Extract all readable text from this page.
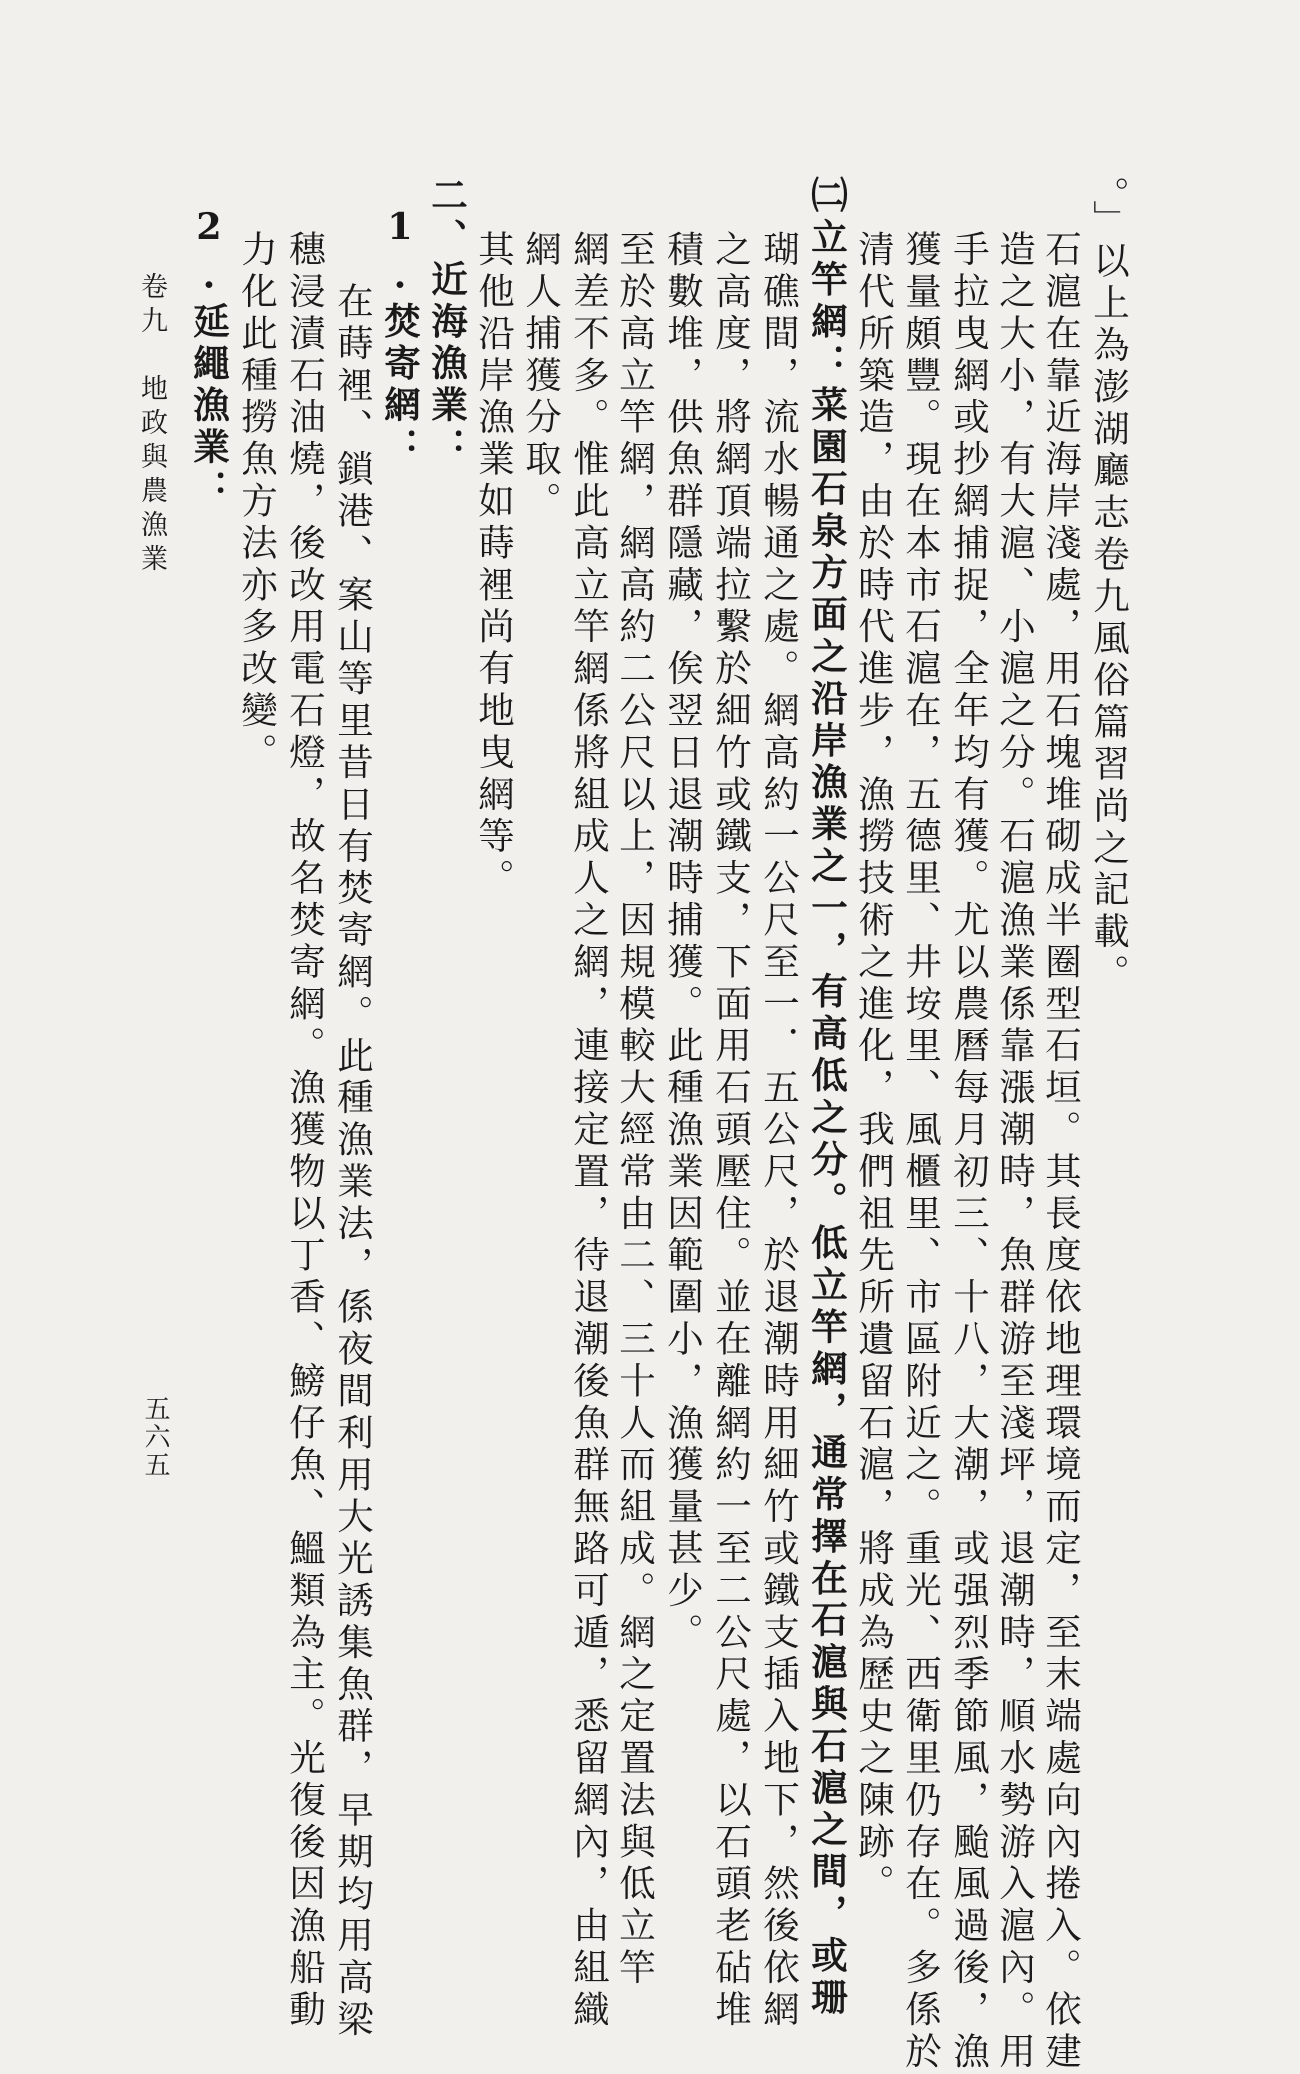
。」以上為澎湖廳志卷九風俗篇習尚之記載。
石滬在靠近海岸淺處，用石塊堆砌成半圈型石垣。其長度依地理環境而定，至末端處向內捲入。依建
造之大小，有大滬、小滬之分。石滬漁業係靠漲潮時，魚群游至淺坪，退潮時，順水勢游入滬內。用
手拉曳網或抄網捕捉，全年均有獲。尤以農曆每月初三、十八，大潮，或强烈季節風，颱風過後，漁
獲量頗豐。現在本市石滬在，五德里、井垵里、風櫃里、市區附近之。重光、西衛里仍存在。多係於
清代所築造，由於時代進步，漁撈技術之進化，我們祖先所遺留石滬，將成為歷史之陳跡。
㈡立竿網：菜園石泉方面之沿岸漁業之一，有高低之分。低立竿網，通常擇在石滬與石滬之間，或珊
瑚礁間，流水暢通之處。網高約一公尺至一．五公尺，於退潮時用細竹或鐵支插入地下，然後依網
之高度，將網頂端拉繫於細竹或鐵支，下面用石頭壓住。並在離網約一至二公尺處，以石頭老砧堆
積數堆，供魚群隱藏，俟翌日退潮時捕獲。此種漁業因範圍小，漁獲量甚少。
至於高立竿網，網高約二公尺以上，因規模較大經常由二、三十人而組成。網之定置法與低立竿
網差不多。惟此高立竿網係將組成人之網，連接定置，待退潮後魚群無路可遁，悉留網內，由組織
網人捕獲分取。
其他沿岸漁業如蒔裡尚有地曳網等。
二、近海漁業：
1.焚寄網：
在蒔裡、鎖港、案山等里昔日有焚寄網。此種漁業法，係夜間利用大光誘集魚群，早期均用高梁
穗浸漬石油燒，後改用電石燈，故名焚寄網。漁獲物以丁香、鰟仔魚、鰮類為主。光復後因漁船動
力化此種撈魚方法亦多改變。
2.延繩漁業：
卷九　地政與農漁業
五六五
